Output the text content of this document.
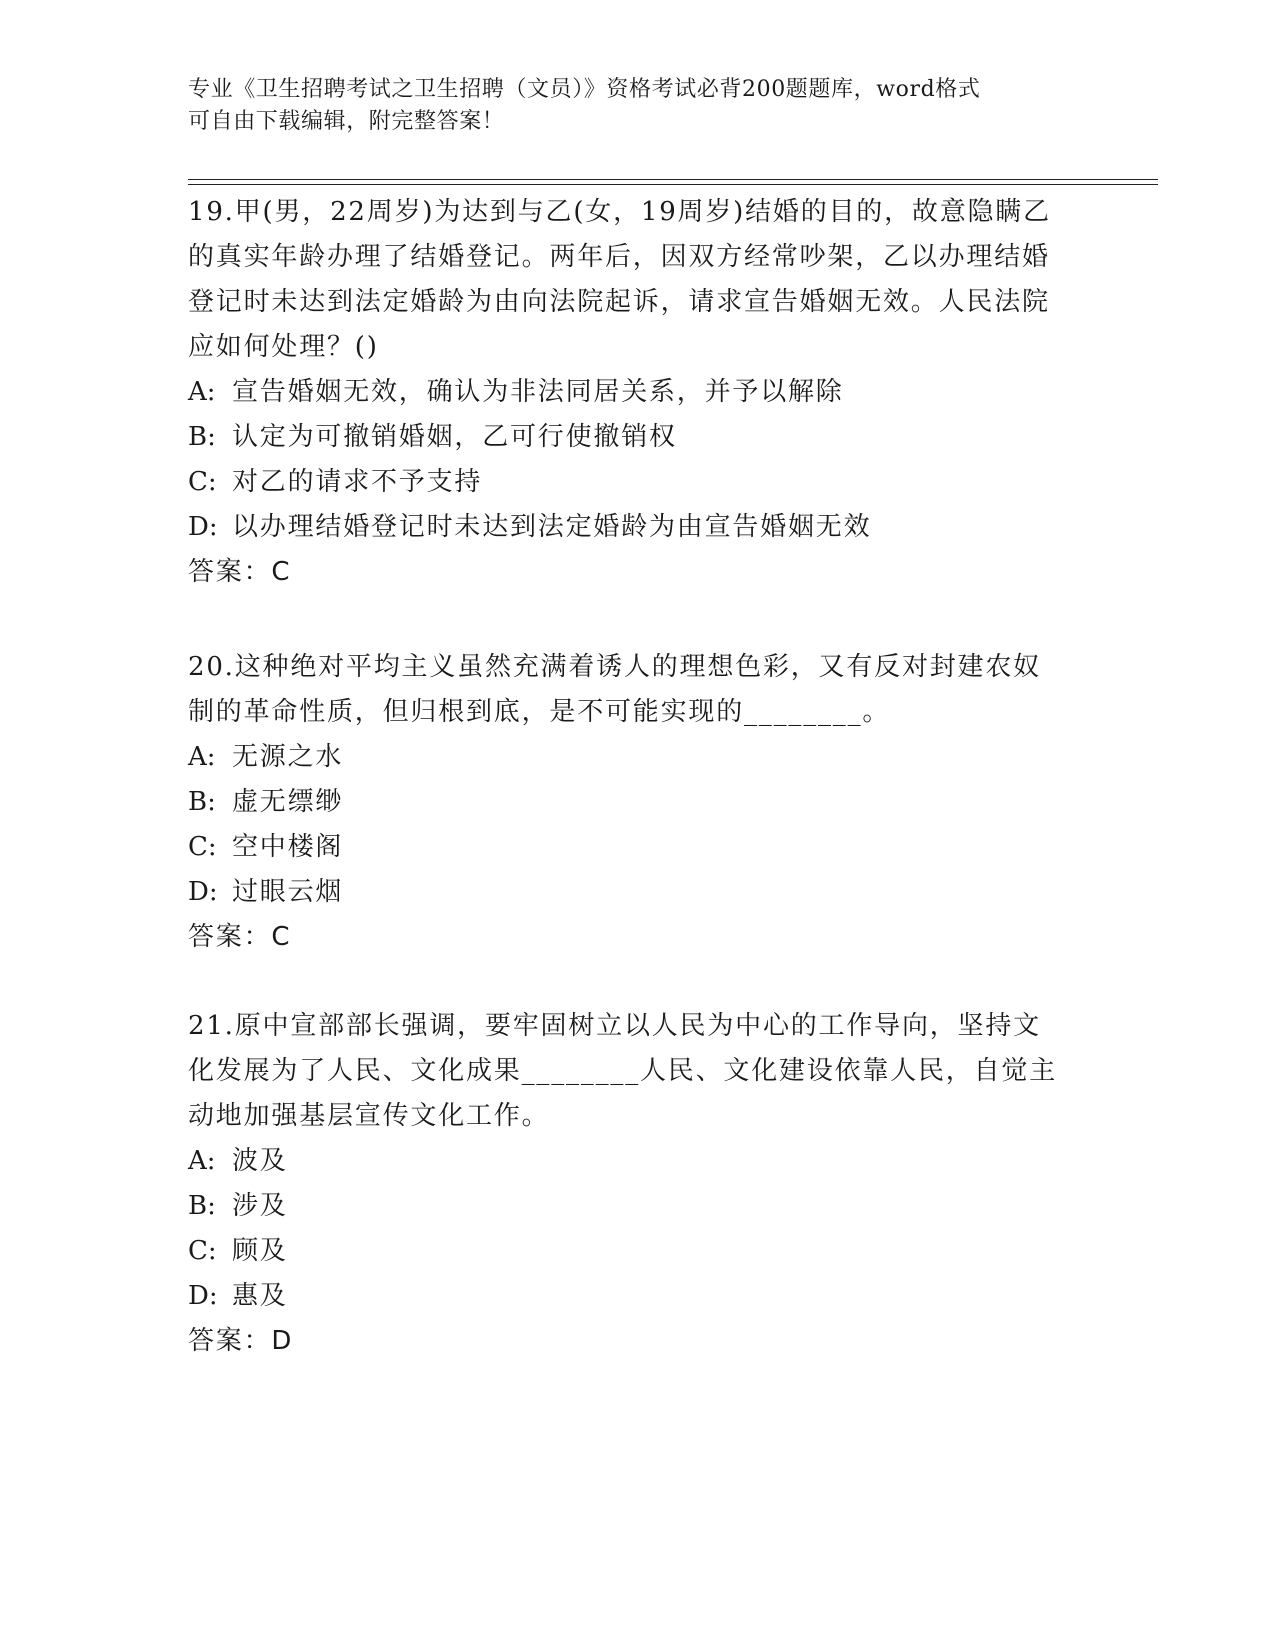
专业《卫生招聘考试之卫生招聘（文员）》资格考试必背200题题库，word格式
可自由下载编辑，附完整答案！

19.甲(男，22周岁)为达到与乙(女，19周岁)结婚的目的，故意隐瞒乙的真实年龄办理了结婚登记。两年后，因双方经常吵架，乙以办理结婚登记时未达到法定婚龄为由向法院起诉，请求宣告婚姻无效。人民法院应如何处理？()

A: 宣告婚姻无效，确认为非法同居关系，并予以解除

B: 认定为可撤销婚姻，乙可行使撤销权

C: 对乙的请求不予支持

D: 以办理结婚登记时未达到法定婚龄为由宣告婚姻无效

答案：C

20.这种绝对平均主义虽然充满着诱人的理想色彩，又有反对封建农奴制的革命性质，但归根到底，是不可能实现的________。

A: 无源之水

B: 虚无缥缈

C: 空中楼阁

D: 过眼云烟

答案：C

21.原中宣部部长强调，要牢固树立以人民为中心的工作导向，坚持文化发展为了人民、文化成果________人民、文化建设依靠人民，自觉主动地加强基层宣传文化工作。

A: 波及

B: 涉及

C: 顾及

D: 惠及

答案：D
